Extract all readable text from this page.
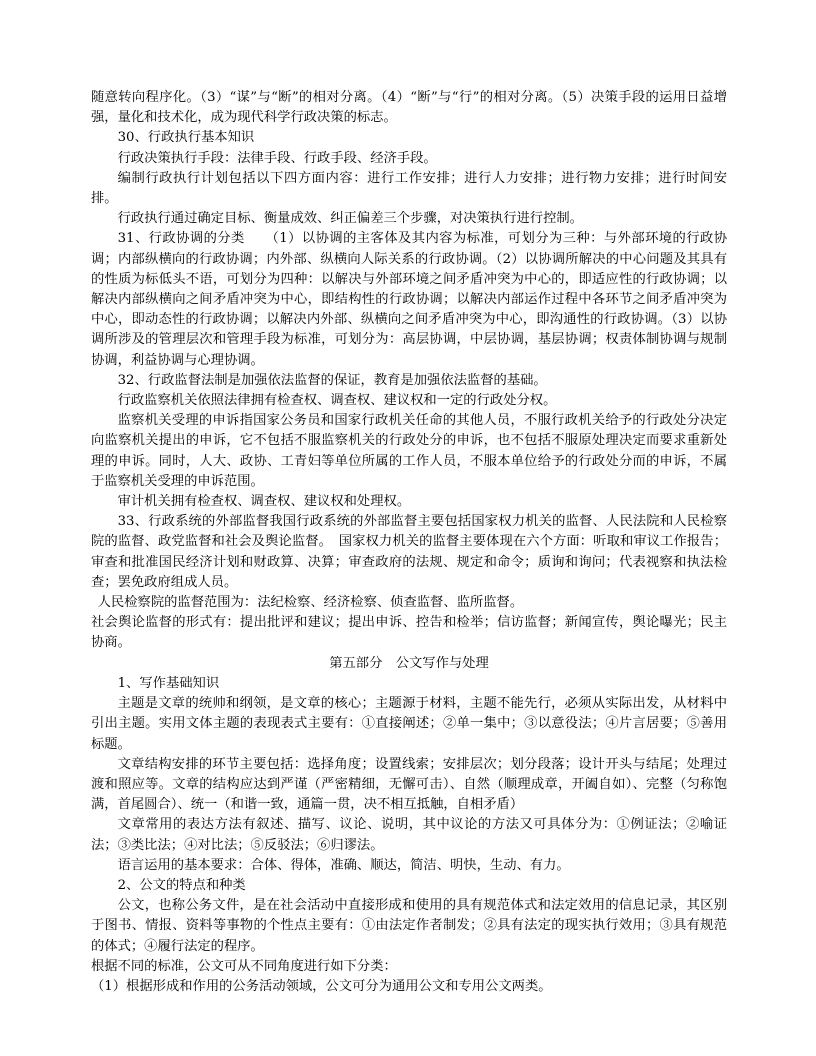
随意转向程序化。（3）“谋”与“断”的相对分离。（4）“断”与“行”的相对分离。（5）决策手段的运用日益增强，量化和技术化，成为现代科学行政决策的标志。

30、行政执行基本知识

行政决策执行手段：法律手段、行政手段、经济手段。

编制行政执行计划包括以下四方面内容：进行工作安排；进行人力安排；进行物力安排；进行时间安排。

行政执行通过确定目标、衡量成效、纠正偏差三个步骤，对决策执行进行控制。

31、行政协调的分类　　（1）以协调的主客体及其内容为标准，可划分为三种：与外部环境的行政协调；内部纵横向的行政协调；内外部、纵横向人际关系的行政协调。（2）以协调所解决的中心问题及其具有的性质为标低头不语，可划分为四种：以解决与外部环境之间矛盾冲突为中心的，即适应性的行政协调；以解决内部纵横向之间矛盾冲突为中心，即结构性的行政协调；以解决内部运作过程中各环节之间矛盾冲突为中心，即动态性的行政协调；以解决内外部、纵横向之间矛盾冲突为中心，即沟通性的行政协调。（3）以协调所涉及的管理层次和管理手段为标准，可划分为：高层协调，中层协调，基层协调；权责体制协调与规制协调，利益协调与心理协调。

32、行政监督法制是加强依法监督的保证，教育是加强依法监督的基础。

行政监察机关依照法律拥有检查权、调查权、建议权和一定的行政处分权。

监察机关受理的申诉指国家公务员和国家行政机关任命的其他人员，不服行政机关给予的行政处分决定向监察机关提出的申诉，它不包括不服监察机关的行政处分的申诉，也不包括不服原处理决定而要求重新处理的申诉。同时，人大、政协、工青妇等单位所属的工作人员，不服本单位给予的行政处分而的申诉，不属于监察机关受理的申诉范围。

审计机关拥有检查权、调查权、建议权和处理权。

33、行政系统的外部监督我国行政系统的外部监督主要包括国家权力机关的监督、人民法院和人民检察院的监督、政党监督和社会及舆论监督。　国家权力机关的监督主要体现在六个方面：听取和审议工作报告；审查和批准国民经济计划和财政算、决算；审查政府的法规、规定和命令；质询和询问；代表视察和执法检查；罢免政府组成人员。

人民检察院的监督范围为：法纪检察、经济检察、侦查监督、监所监督。

社会舆论监督的形式有：提出批评和建议；提出申诉、控告和检举；信访监督；新闻宣传，舆论曝光；民主协商。

第五部分　公文写作与处理

1、写作基础知识

主题是文章的统帅和纲领，是文章的核心；主题源于材料，主题不能先行，必须从实际出发，从材料中引出主题。实用文体主题的表现表式主要有：①直接阐述；②单一集中；③以意役法；④片言居要；⑤善用标题。

文章结构安排的环节主要包括：选择角度；设置线索；安排层次；划分段落；设计开头与结尾；处理过渡和照应等。文章的结构应达到严谨（严密精细，无懈可击）、自然（顺理成章，开阖自如）、完整（匀称饱满，首尾圆合）、统一（和谐一致，通篇一贯，决不相互抵触，自相矛盾）

文章常用的表达方法有叙述、描写、议论、说明，其中议论的方法又可具体分为：①例证法；②喻证法；③类比法；④对比法；⑤反驳法；⑥归谬法。

语言运用的基本要求：合体、得体，准确、顺达，简洁、明快，生动、有力。

2、公文的特点和种类

公文，也称公务文件，是在社会活动中直接形成和使用的具有规范体式和法定效用的信息记录，其区别于图书、情报、资料等事物的个性点主要有：①由法定作者制发；②具有法定的现实执行效用；③具有规范的体式；④履行法定的程序。

根据不同的标准，公文可从不同角度进行如下分类：

（1）根据形成和作用的公务活动领域，公文可分为通用公文和专用公文两类。
